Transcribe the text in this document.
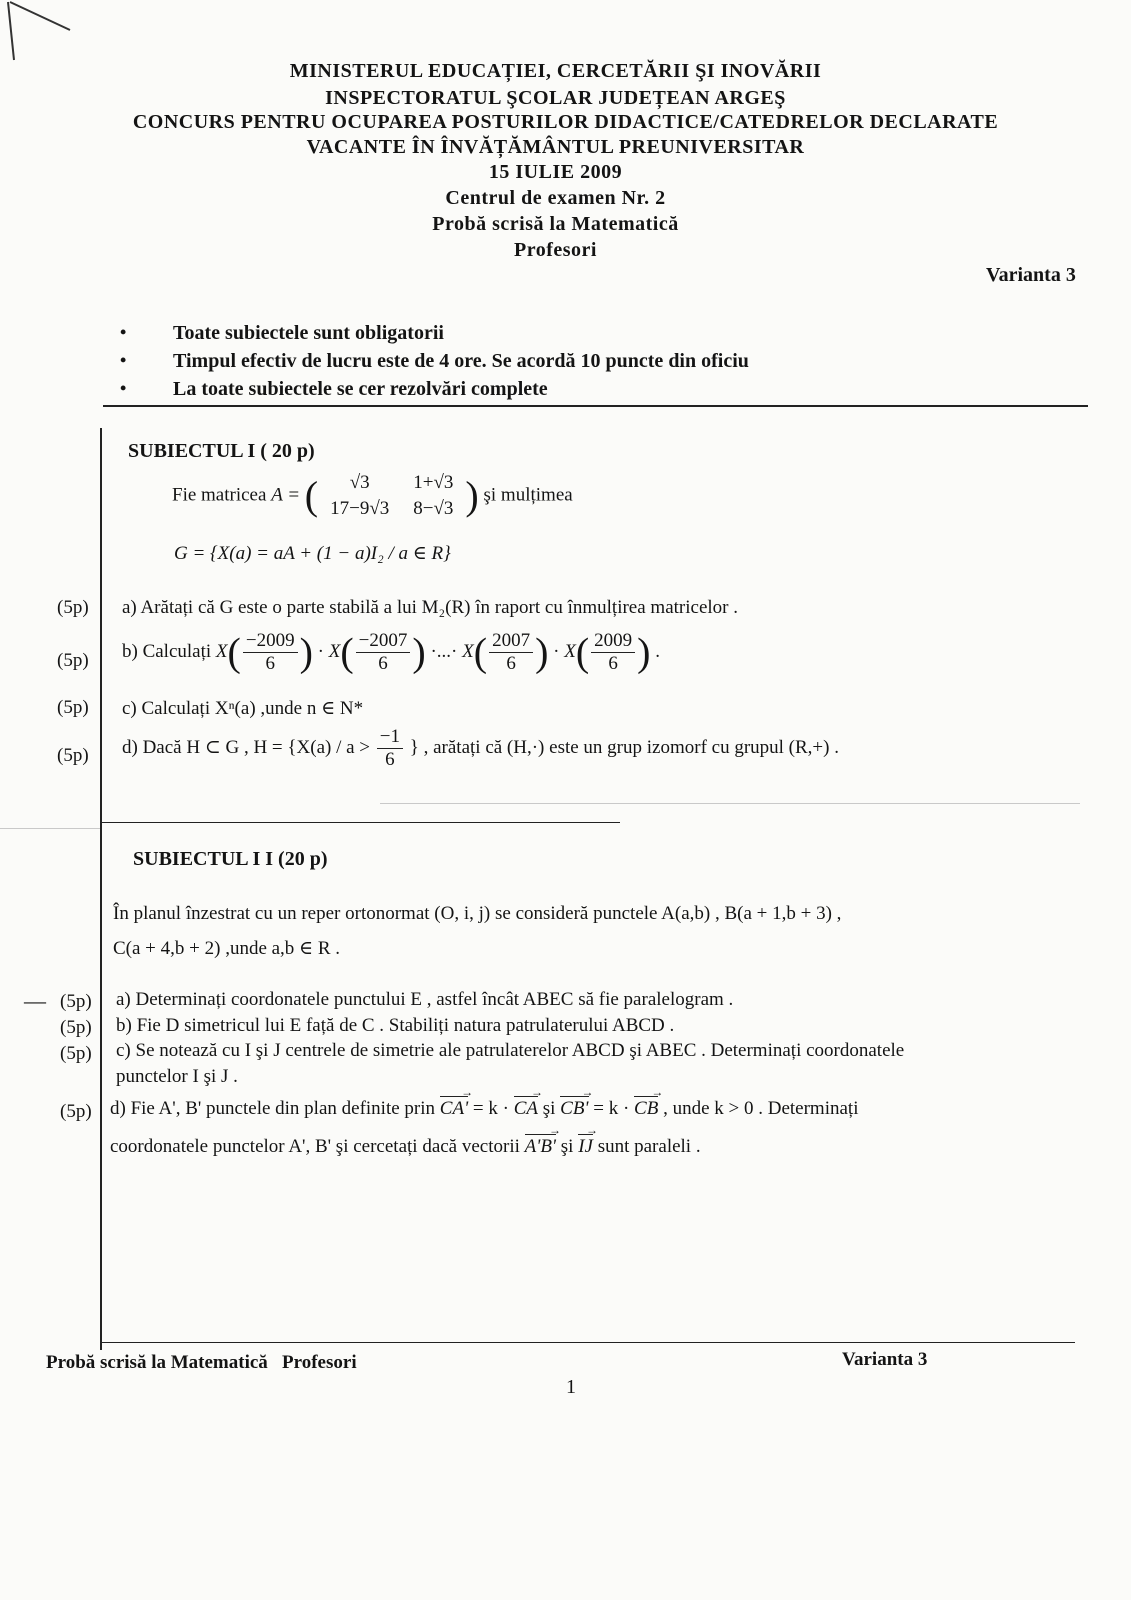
MINISTERUL EDUCAȚIEI, CERCETĂRII ŞI INOVĂRII
INSPECTORATUL ŞCOLAR JUDEȚEAN ARGEŞ
CONCURS PENTRU OCUPAREA POSTURILOR DIDACTICE/CATEDRELOR DECLARATE
VACANTE ÎN ÎNVĂȚĂMÂNTUL PREUNIVERSITAR
15 IULIE 2009
Centrul de examen Nr. 2
Probă scrisă la Matematică
Profesori
Varianta 3
• Toate subiectele sunt obligatorii
• Timpul efectiv de lucru este de 4 ore. Se acordă 10 puncte din oficiu
• La toate subiectele se cer rezolvări complete
SUBIECTUL I ( 20 p)
Fie matricea A = ( √3	1+√3
17−9√3	8−√3 ) şi mulțimea
G = {X(a) = aA + (1 − a)I₂ / a ∈ R}
(5p) a) Arătați că G este o parte stabilă a lui M₂(R) în raport cu înmulțirea matricelor .
(5p) b) Calculați $X( \frac{-2009}{6}$ ) · $X( \frac{-2007}{6}$ ) ·...· $X( \frac{2007}{6}$ ) · $X( \frac{2009}{6}$ ) .
(5p) c) Calculați Xⁿ(a) ,unde n ∈ N*
(5p) d) Dacă H ⊂ G , $H = \{X(a) / a > \frac{-1}{6}$ } , arătați că (H,·) este un grup izomorf cu grupul (R,+) .
SUBIECTUL I I (20 p)
În planul înzestrat cu un reper ortonormat (O, i, j) se consideră punctele A(a,b) , B(a + 1,b + 3) ,
C(a + 4,b + 2) ,unde a,b ∈ R .
— (5p) a) Determinați coordonatele punctului E , astfel încât ABEC să fie paralelogram .
(5p) b) Fie D simetricul lui E față de C . Stabiliți natura patrulaterului ABCD .
(5p) c) Se notează cu I şi J centrele de simetrie ale patrulaterelor ABCD şi ABEC . Determinați coordonatele
punctelor I şi J .
(5p) d) Fie A', B' punctele din plan definite prin CA' → = k · CA → şi CB' → = k · CB → , unde k > 0 . Determinați
coordonatele punctelor A', B' şi cercetați dacă vectorii A'B' → şi IJ → sunt paraleli .
Probă scrisă la Matematică   Profesori	Varianta 3
1
